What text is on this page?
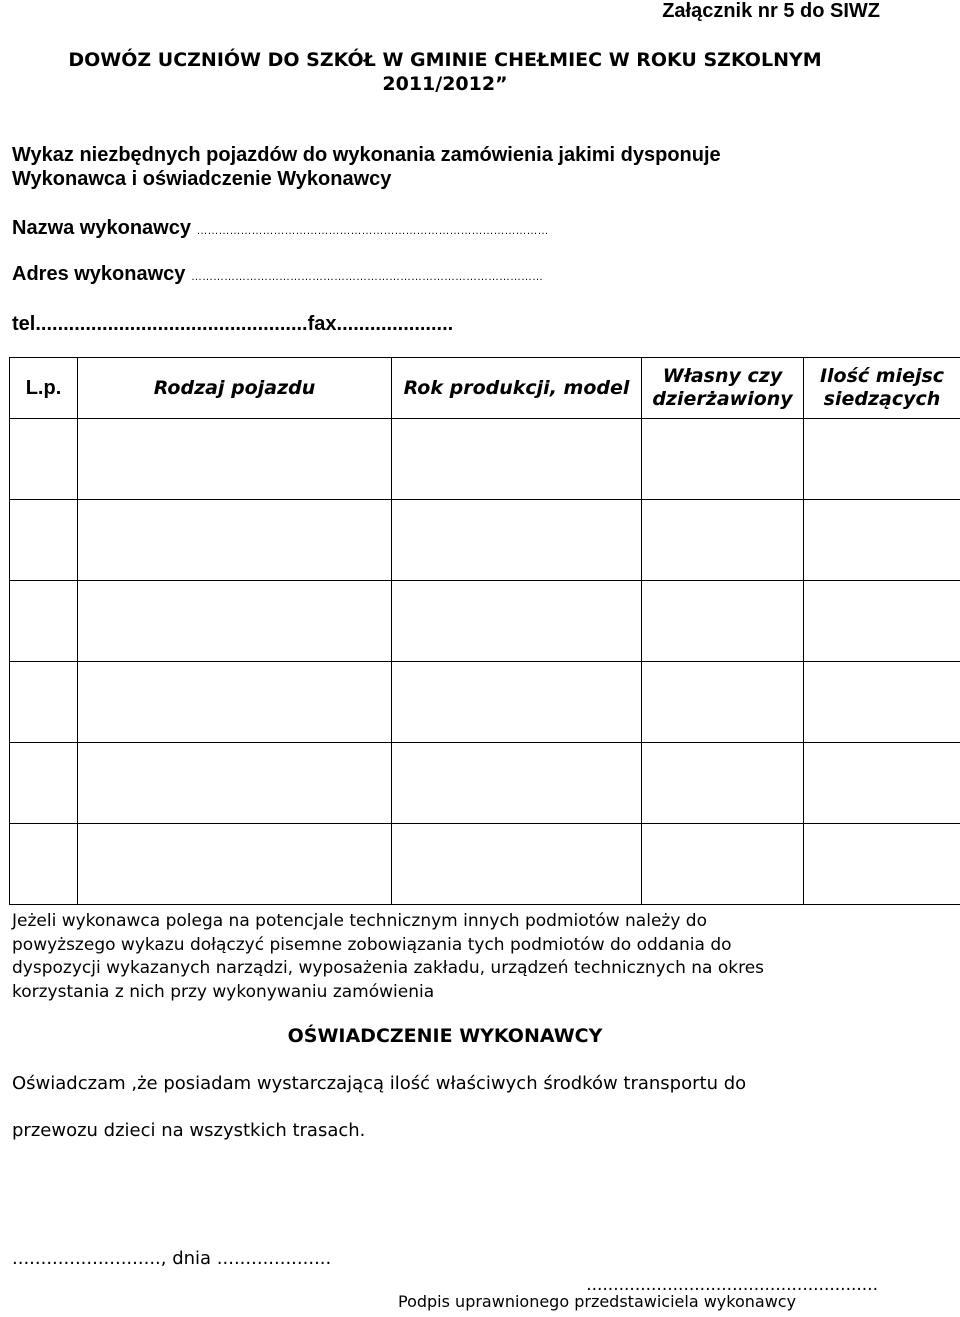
Załącznik nr 5 do SIWZ
DOWÓZ UCZNIÓW DO SZKÓŁ W GMINIE CHEŁMIEC W ROKU SZKOLNYM
2011/2012”
Wykaz niezbędnych pojazdów do wykonania zamówienia jakimi dysponuje
Wykonawca i oświadczenie Wykonawcy
Nazwa wykonawcy ……………………………………………………………………………………
Adres wykonawcy ……………………………………………………………………………………
tel.................................................fax.....................
L.p.	Rodzaj pojazdu	Rok produkcji, model	Własny czy dzierżawiony	Ilość miejsc siedzących

Jeżeli wykonawca polega na potencjale technicznym innych podmiotów należy do
powyższego wykazu dołączyć pisemne zobowiązania tych podmiotów do oddania do
dyspozycji wykazanych narządzi, wyposażenia zakładu, urządzeń technicznych na okres
korzystania z nich przy wykonywaniu zamówienia
OŚWIADCZENIE WYKONAWCY
Oświadczam ,że posiadam wystarczającą ilość właściwych środków transportu do
przewozu dzieci na wszystkich trasach.
.........................., dnia ....................
......................................................
Podpis uprawnionego przedstawiciela wykonawcy
